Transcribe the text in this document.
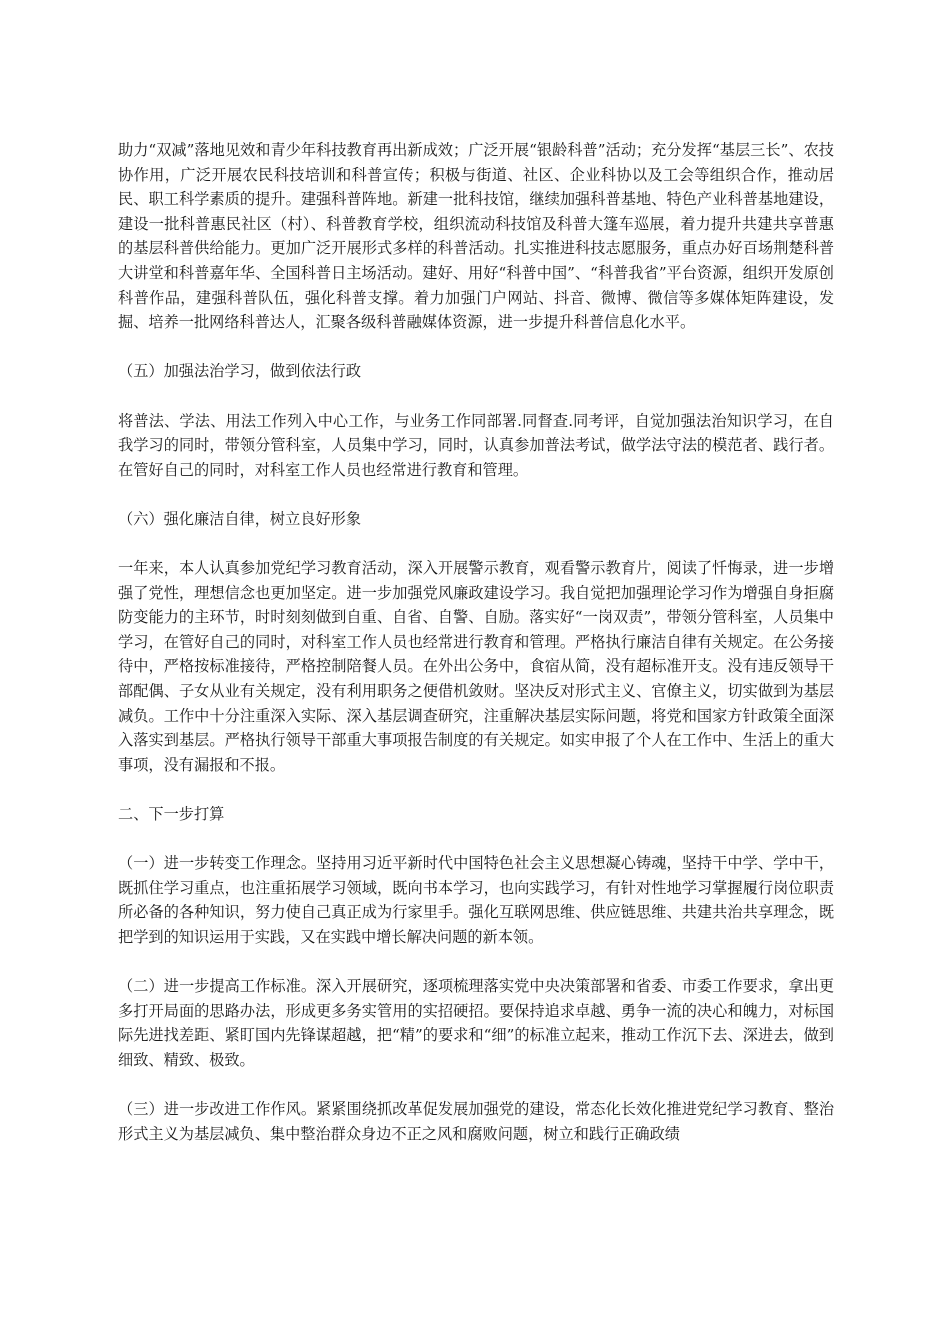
助力“双减”落地见效和青少年科技教育再出新成效；广泛开展“银龄科普”活动；充分发挥“基层三长”、农技协作用，广泛开展农民科技培训和科普宣传；积极与街道、社区、企业科协以及工会等组织合作，推动居民、职工科学素质的提升。建强科普阵地。新建一批科技馆，继续加强科普基地、特色产业科普基地建设，建设一批科普惠民社区（村）、科普教育学校，组织流动科技馆及科普大篷车巡展，着力提升共建共享普惠的基层科普供给能力。更加广泛开展形式多样的科普活动。扎实推进科技志愿服务，重点办好百场荆楚科普大讲堂和科普嘉年华、全国科普日主场活动。建好、用好“科普中国”、“科普我省”平台资源，组织开发原创科普作品，建强科普队伍，强化科普支撑。着力加强门户网站、抖音、微博、微信等多媒体矩阵建设，发掘、培养一批网络科普达人，汇聚各级科普融媒体资源，进一步提升科普信息化水平。

（五）加强法治学习，做到依法行政

将普法、学法、用法工作列入中心工作，与业务工作同部署.同督查.同考评，自觉加强法治知识学习，在自我学习的同时，带领分管科室，人员集中学习，同时，认真参加普法考试，做学法守法的模范者、践行者。在管好自己的同时，对科室工作人员也经常进行教育和管理。

（六）强化廉洁自律，树立良好形象

一年来，本人认真参加党纪学习教育活动，深入开展警示教育，观看警示教育片，阅读了忏悔录，进一步增强了党性，理想信念也更加坚定。进一步加强党风廉政建设学习。我自觉把加强理论学习作为增强自身拒腐防变能力的主环节，时时刻刻做到自重、自省、自警、自励。落实好“一岗双责”，带领分管科室，人员集中学习，在管好自己的同时，对科室工作人员也经常进行教育和管理。严格执行廉洁自律有关规定。在公务接待中，严格按标准接待，严格控制陪餐人员。在外出公务中，食宿从简，没有超标准开支。没有违反领导干部配偶、子女从业有关规定，没有利用职务之便借机敛财。坚决反对形式主义、官僚主义，切实做到为基层减负。工作中十分注重深入实际、深入基层调查研究，注重解决基层实际问题，将党和国家方针政策全面深入落实到基层。严格执行领导干部重大事项报告制度的有关规定。如实申报了个人在工作中、生活上的重大事项，没有漏报和不报。

二、下一步打算

（一）进一步转变工作理念。坚持用习近平新时代中国特色社会主义思想凝心铸魂，坚持干中学、学中干，既抓住学习重点，也注重拓展学习领域，既向书本学习，也向实践学习，有针对性地学习掌握履行岗位职责所必备的各种知识，努力使自己真正成为行家里手。强化互联网思维、供应链思维、共建共治共享理念，既把学到的知识运用于实践，又在实践中增长解决问题的新本领。

（二）进一步提高工作标准。深入开展研究，逐项梳理落实党中央决策部署和省委、市委工作要求，拿出更多打开局面的思路办法，形成更多务实管用的实招硬招。要保持追求卓越、勇争一流的决心和魄力，对标国际先进找差距、紧盯国内先锋谋超越，把“精”的要求和“细”的标准立起来，推动工作沉下去、深进去，做到细致、精致、极致。

（三）进一步改进工作作风。紧紧围绕抓改革促发展加强党的建设，常态化长效化推进党纪学习教育、整治形式主义为基层减负、集中整治群众身边不正之风和腐败问题，树立和践行正确政绩
